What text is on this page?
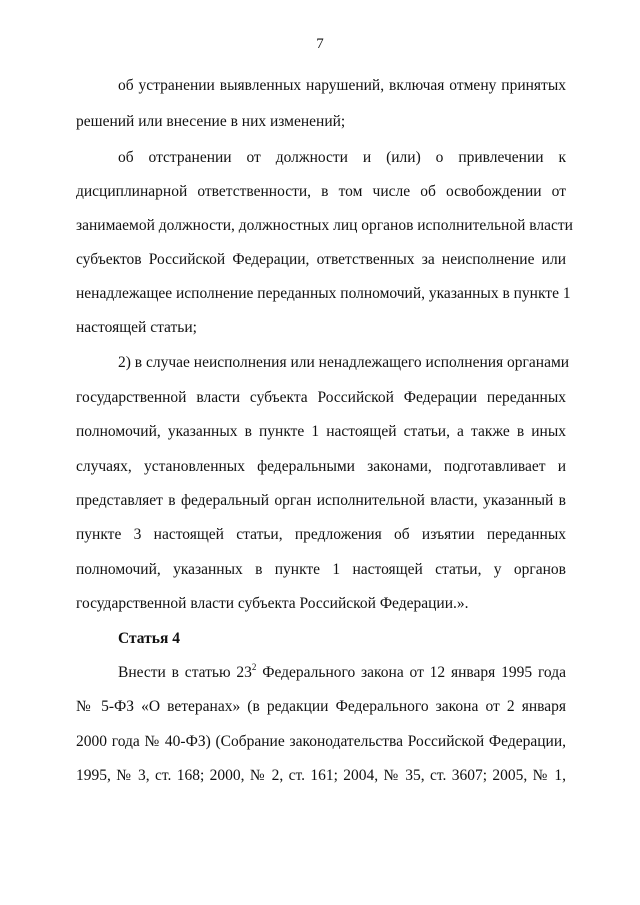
7
об устранении выявленных нарушений, включая отмену принятых
решений или внесение в них изменений;
об отстранении от должности и (или) о привлечении к
дисциплинарной ответственности, в том числе об освобождении от
занимаемой должности, должностных лиц органов исполнительной власти
субъектов Российской Федерации, ответственных за неисполнение или
ненадлежащее исполнение переданных полномочий, указанных в пункте 1
настоящей статьи;
2) в случае неисполнения или ненадлежащего исполнения органами
государственной власти субъекта Российской Федерации переданных
полномочий, указанных в пункте 1 настоящей статьи, а также в иных
случаях, установленных федеральными законами, подготавливает и
представляет в федеральный орган исполнительной власти, указанный в
пункте 3 настоящей статьи, предложения об изъятии переданных
полномочий, указанных в пункте 1 настоящей статьи, у органов
государственной власти субъекта Российской Федерации.».
Статья 4
Внести в статью $23^2$ Федерального закона от 12 января 1995 года
№ 5-ФЗ «О ветеранах» (в редакции Федерального закона от 2 января
2000 года № 40-ФЗ) (Собрание законодательства Российской Федерации,
1995, № 3, ст. 168; 2000, № 2, ст. 161; 2004, № 35, ст. 3607; 2005, № 1,
